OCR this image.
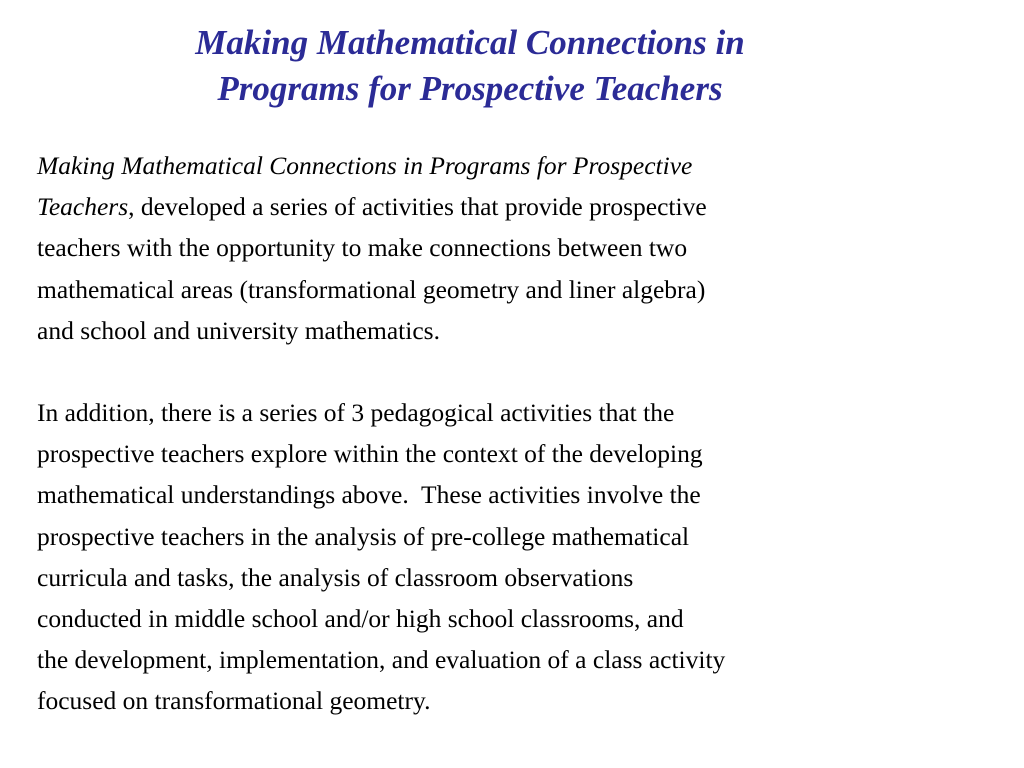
Making Mathematical Connections in
Programs for Prospective Teachers

Making Mathematical Connections in Programs for Prospective
Teachers, developed a series of activities that provide prospective
teachers with the opportunity to make connections between two
mathematical areas (transformational geometry and liner algebra)
and school and university mathematics.

In addition, there is a series of 3 pedagogical activities that the
prospective teachers explore within the context of the developing
mathematical understandings above.  These activities involve the
prospective teachers in the analysis of pre-college mathematical
curricula and tasks, the analysis of classroom observations
conducted in middle school and/or high school classrooms, and
the development, implementation, and evaluation of a class activity
focused on transformational geometry.
